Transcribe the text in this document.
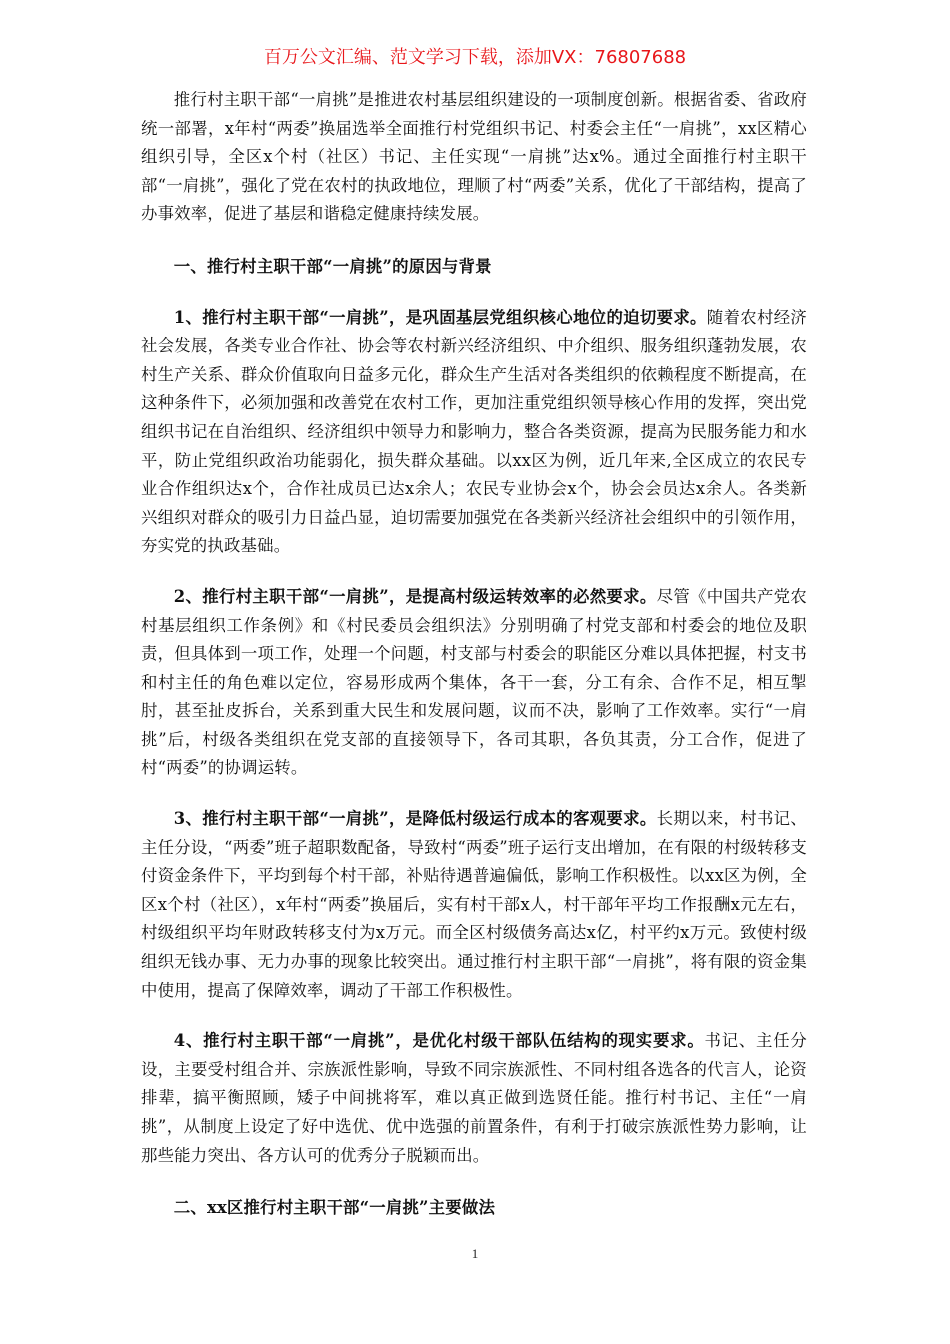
百万公文汇编、范文学习下载，添加VX：76807688

推行村主职干部“一肩挑”是推进农村基层组织建设的一项制度创新。根据省委、省政府统一部署，x年村“两委”换届选举全面推行村党组织书记、村委会主任“一肩挑”，xx区精心组织引导，全区x个村（社区）书记、主任实现“一肩挑”达x%。通过全面推行村主职干部“一肩挑”，强化了党在农村的执政地位，理顺了村“两委”关系，优化了干部结构，提高了办事效率，促进了基层和谐稳定健康持续发展。

一、推行村主职干部“一肩挑”的原因与背景

1、推行村主职干部“一肩挑”，是巩固基层党组织核心地位的迫切要求。随着农村经济社会发展，各类专业合作社、协会等农村新兴经济组织、中介组织、服务组织蓬勃发展，农村生产关系、群众价值取向日益多元化，群众生产生活对各类组织的依赖程度不断提高，在这种条件下，必须加强和改善党在农村工作，更加注重党组织领导核心作用的发挥，突出党组织书记在自治组织、经济组织中领导力和影响力，整合各类资源，提高为民服务能力和水平，防止党组织政治功能弱化，损失群众基础。以xx区为例，近几年来,全区成立的农民专业合作组织达x个，合作社成员已达x余人；农民专业协会x个，协会会员达x余人。各类新兴组织对群众的吸引力日益凸显，迫切需要加强党在各类新兴经济社会组织中的引领作用，夯实党的执政基础。

2、推行村主职干部“一肩挑”，是提高村级运转效率的必然要求。尽管《中国共产党农村基层组织工作条例》和《村民委员会组织法》分别明确了村党支部和村委会的地位及职责，但具体到一项工作，处理一个问题，村支部与村委会的职能区分难以具体把握，村支书和村主任的角色难以定位，容易形成两个集体，各干一套，分工有余、合作不足，相互掣肘，甚至扯皮拆台，关系到重大民生和发展问题，议而不决，影响了工作效率。实行“一肩挑”后，村级各类组织在党支部的直接领导下，各司其职，各负其责，分工合作，促进了村“两委”的协调运转。

3、推行村主职干部“一肩挑”，是降低村级运行成本的客观要求。长期以来，村书记、主任分设，“两委”班子超职数配备，导致村“两委”班子运行支出增加，在有限的村级转移支付资金条件下，平均到每个村干部，补贴待遇普遍偏低，影响工作积极性。以xx区为例，全区x个村（社区），x年村“两委”换届后，实有村干部x人，村干部年平均工作报酬x元左右，村级组织平均年财政转移支付为x万元。而全区村级债务高达x亿，村平约x万元。致使村级组织无钱办事、无力办事的现象比较突出。通过推行村主职干部“一肩挑”，将有限的资金集中使用，提高了保障效率，调动了干部工作积极性。

4、推行村主职干部“一肩挑”，是优化村级干部队伍结构的现实要求。书记、主任分设，主要受村组合并、宗族派性影响，导致不同宗族派性、不同村组各选各的代言人，论资排辈，搞平衡照顾，矮子中间挑将军，难以真正做到选贤任能。推行村书记、主任“一肩挑”，从制度上设定了好中选优、优中选强的前置条件，有利于打破宗族派性势力影响，让那些能力突出、各方认可的优秀分子脱颖而出。

二、xx区推行村主职干部“一肩挑”主要做法

1
